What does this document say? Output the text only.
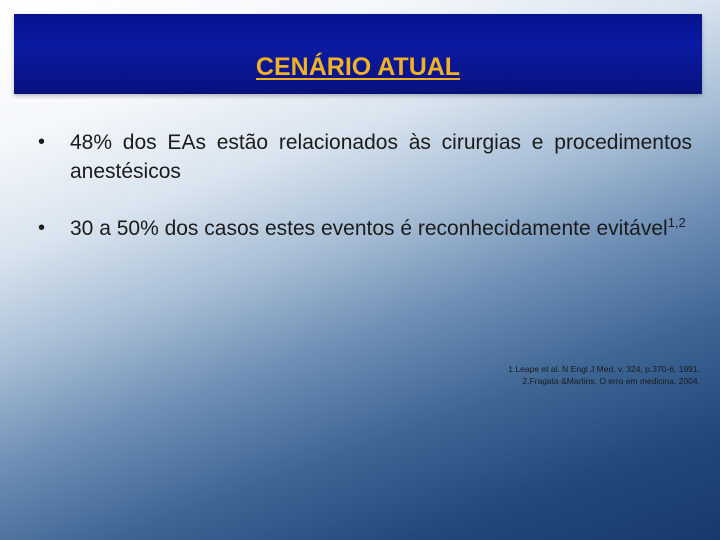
CENÁRIO ATUAL
• 48% dos EAs estão relacionados às cirurgias e procedimentos anestésicos
• 30 a 50% dos casos estes eventos é reconhecidamente evitável$^{1,2}$
1.Leape et al. N Engl J Med, v. 324, p.370-6, 1991.
2.Fragata &Martins. O erro em medicina, 2004.
